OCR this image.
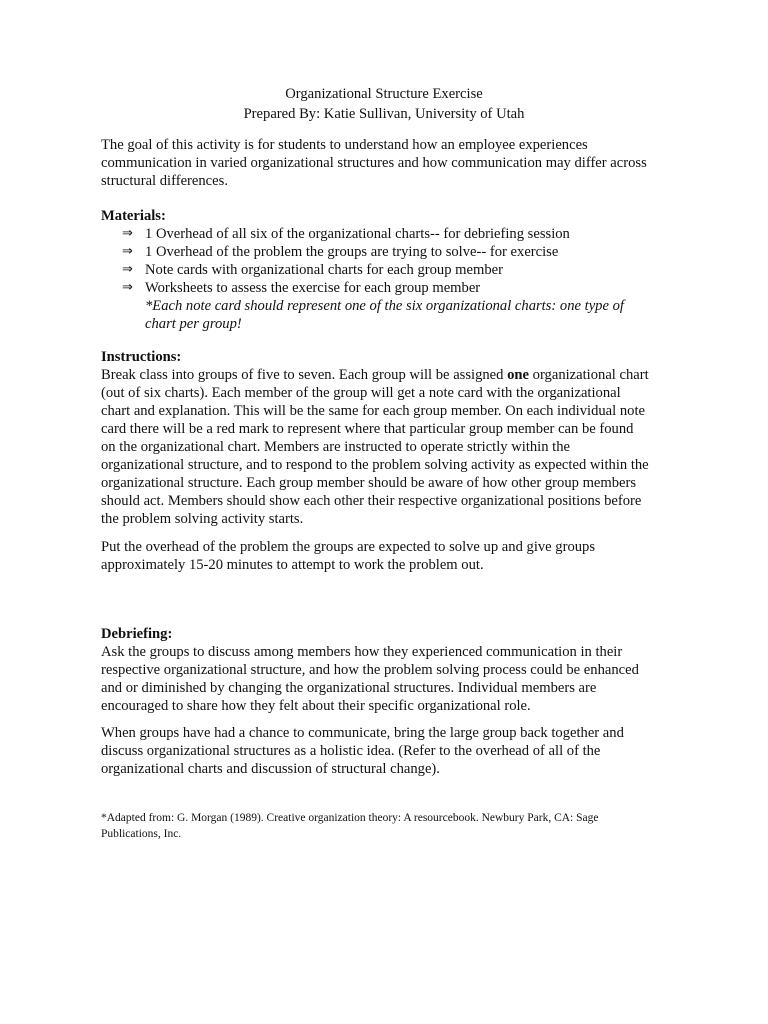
Organizational Structure Exercise
Prepared By: Katie Sullivan, University of Utah
The goal of this activity is for students to understand how an employee experiences communication in varied organizational structures and how communication may differ across structural differences.
Materials:
⇒ 1 Overhead of all six of the organizational charts-- for debriefing session
⇒ 1 Overhead of the problem the groups are trying to solve-- for exercise
⇒ Note cards with organizational charts for each group member
⇒ Worksheets to assess the exercise for each group member
*Each note card should represent one of the six organizational charts: one type of chart per group!
Instructions:
Break class into groups of five to seven. Each group will be assigned one organizational chart (out of six charts). Each member of the group will get a note card with the organizational chart and explanation. This will be the same for each group member. On each individual note card there will be a red mark to represent where that particular group member can be found on the organizational chart. Members are instructed to operate strictly within the organizational structure, and to respond to the problem solving activity as expected within the organizational structure. Each group member should be aware of how other group members should act. Members should show each other their respective organizational positions before the problem solving activity starts.
Put the overhead of the problem the groups are expected to solve up and give groups approximately 15-20 minutes to attempt to work the problem out.
Debriefing:
Ask the groups to discuss among members how they experienced communication in their respective organizational structure, and how the problem solving process could be enhanced and or diminished by changing the organizational structures. Individual members are encouraged to share how they felt about their specific organizational role.
When groups have had a chance to communicate, bring the large group back together and discuss organizational structures as a holistic idea. (Refer to the overhead of all of the organizational charts and discussion of structural change).
*Adapted from: G. Morgan (1989). Creative organization theory: A resourcebook. Newbury Park, CA: Sage Publications, Inc.
